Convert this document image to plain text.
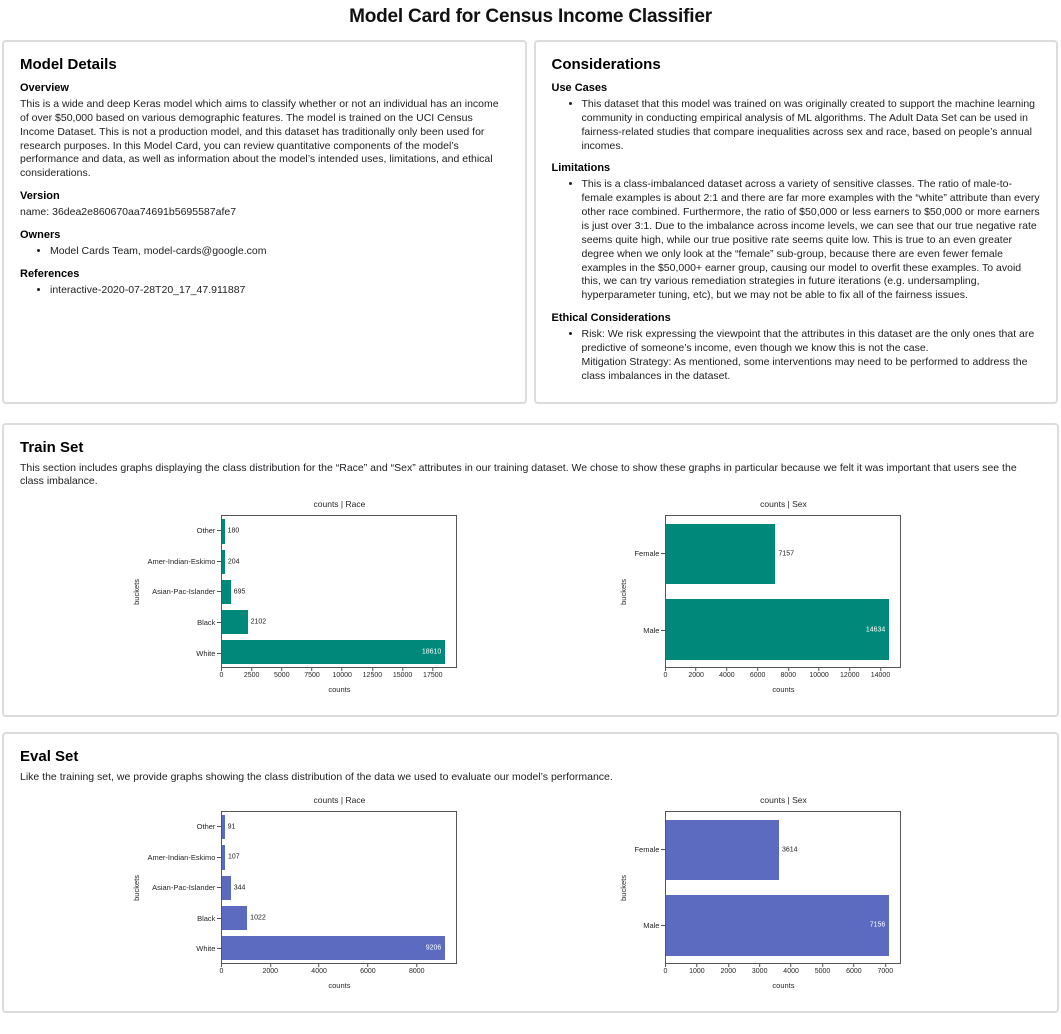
Model Card for Census Income Classifier
Model Details
Overview

This is a wide and deep Keras model which aims to classify whether or not an individual has an income of over $50,000 based on various demographic features. The model is trained on the UCI Census Income Dataset. This is not a production model, and this dataset has traditionally only been used for research purposes. In this Model Card, you can review quantitative components of the model’s performance and data, as well as information about the model’s intended uses, limitations, and ethical considerations.

Version

name: 36dea2e860670aa74691b5695587afe7

Owners
• Model Cards Team, model-cards@google.com
References
• interactive-2020-07-28T20_17_47.911887
Considerations
Use Cases
• This dataset that this model was trained on was originally created to support the machine learning community in conducting empirical analysis of ML algorithms. The Adult Data Set can be used in fairness-related studies that compare inequalities across sex and race, based on people’s annual incomes.
Limitations
• This is a class-imbalanced dataset across a variety of sensitive classes. The ratio of male-to-female examples is about 2:1 and there are far more examples with the “white” attribute than every other race combined. Furthermore, the ratio of $50,000 or less earners to $50,000 or more earners is just over 3:1. Due to the imbalance across income levels, we can see that our true negative rate seems quite high, while our true positive rate seems quite low. This is true to an even greater degree when we only look at the “female” sub-group, because there are even fewer female examples in the $50,000+ earner group, causing our model to overfit these examples. To avoid this, we can try various remediation strategies in future iterations (e.g. undersampling, hyperparameter tuning, etc), but we may not be able to fix all of the fairness issues.
Ethical Considerations
• Risk: We risk expressing the viewpoint that the attributes in this dataset are the only ones that are predictive of someone’s income, even though we know this is not the case.
Mitigation Strategy: As mentioned, some interventions may need to be performed to address the class imbalances in the dataset.
Train Set

This section includes graphs displaying the class distribution for the “Race” and “Sex” attributes in our training dataset. We chose to show these graphs in particular because we felt it was important that users see the class imbalance.

counts | Race
buckets
Other
Amer-Indian-Eskimo
Asian-Pac-Islander
Black
White
180
204
695
2102
18610
0	2500 5000 7500 10000 12500 15000 17500
counts
counts | Sex
buckets
Female
Male
7157
14634
0	2000 4000 6000 8000 10000 12000 14000
counts
Eval Set

Like the training set, we provide graphs showing the class distribution of the data we used to evaluate our model’s performance.

counts | Race
buckets
Other
Amer-Indian-Eskimo
Asian-Pac-Islander
Black
White
91
107
344
1022
9206
0	2000	4000	6000	8000
counts
counts | Sex
buckets
Female
Male
3614
7156
0	1000 2000 3000 4000 5000 6000 7000
counts
